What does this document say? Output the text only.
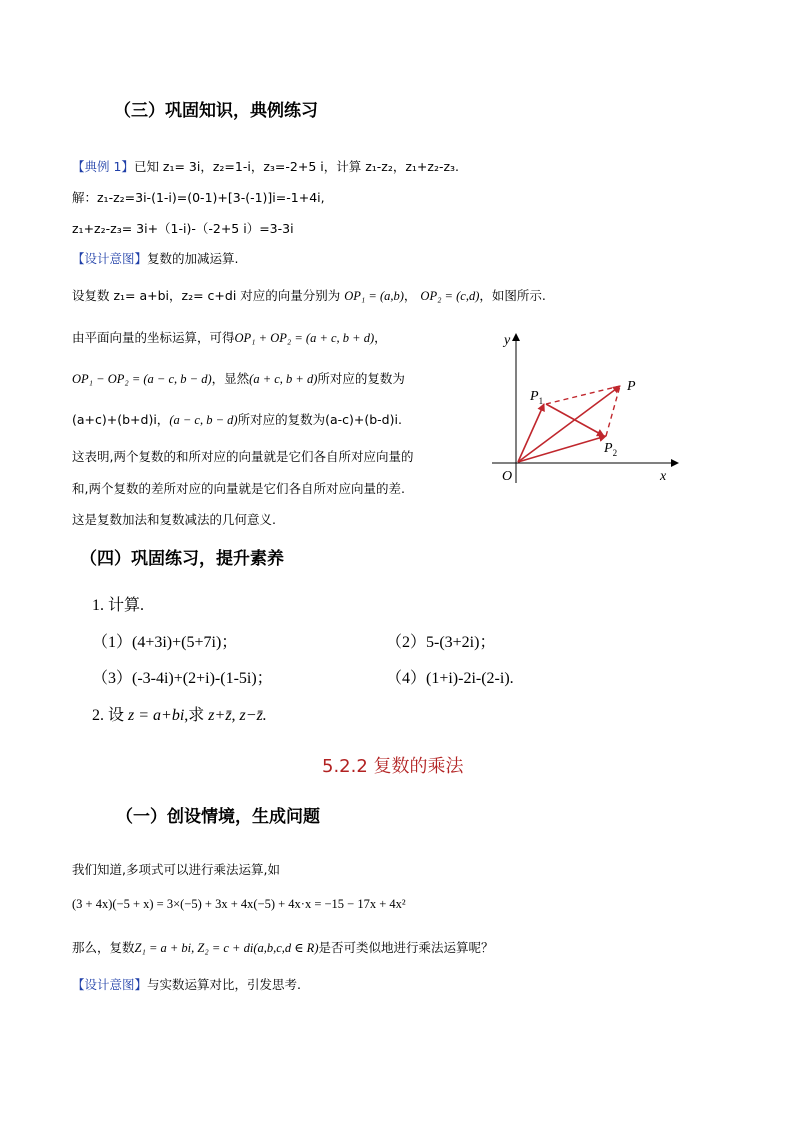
（三）巩固知识，典例练习
【典例 1】已知 z₁= 3i，z₂=1-i，z₃=-2+5 i，计算 z₁-z₂，z₁+z₂-z₃.
解：z₁-z₂=3i-(1-i)=(0-1)+[3-(-1)]i=-1+4i,
z₁+z₂-z₃= 3i+（1-i)-（-2+5 i）=3-3i
【设计意图】复数的加减运算.
设复数 z₁= a+bi，z₂= c+di 对应的向量分别为 OP₁ = (a,b)， OP₂ = (c,d)，如图所示.
由平面向量的坐标运算，可得OP₁ + OP₂ = (a + c, b + d)，
OP₁ − OP₂ = (a − c, b − d)，显然(a + c, b + d)所对应的复数为
(a+c)+(b+d)i，(a − c, b − d)所对应的复数为(a-c)+(b-d)i.
这表明,两个复数的和所对应的向量就是它们各自所对应向量的
和,两个复数的差所对应的向量就是它们各自所对应向量的差.
这是复数加法和复数减法的几何意义.
y
x
O
P
$P_1$
$P_2$
（四）巩固练习，提升素养
1. 计算.
（1）(4+3i)+(5+7i)；	（2）5-(3+2i)；
（3）(-3-4i)+(2+i)-(1-5i)；	（4）(1+i)-2i-(2-i).
2. 设 z = a+bi,求 z+z̄, z−z̄.
5.2.2 复数的乘法
（一）创设情境，生成问题
我们知道,多项式可以进行乘法运算,如
(3 + 4x)(−5 + x) = 3×(−5) + 3x + 4x(−5) + 4x·x = −15 − 17x + 4x²
那么，复数Z₁ = a + bi, Z₂ = c + di(a,b,c,d ∈ R)是否可类似地进行乘法运算呢？
【设计意图】与实数运算对比，引发思考.
